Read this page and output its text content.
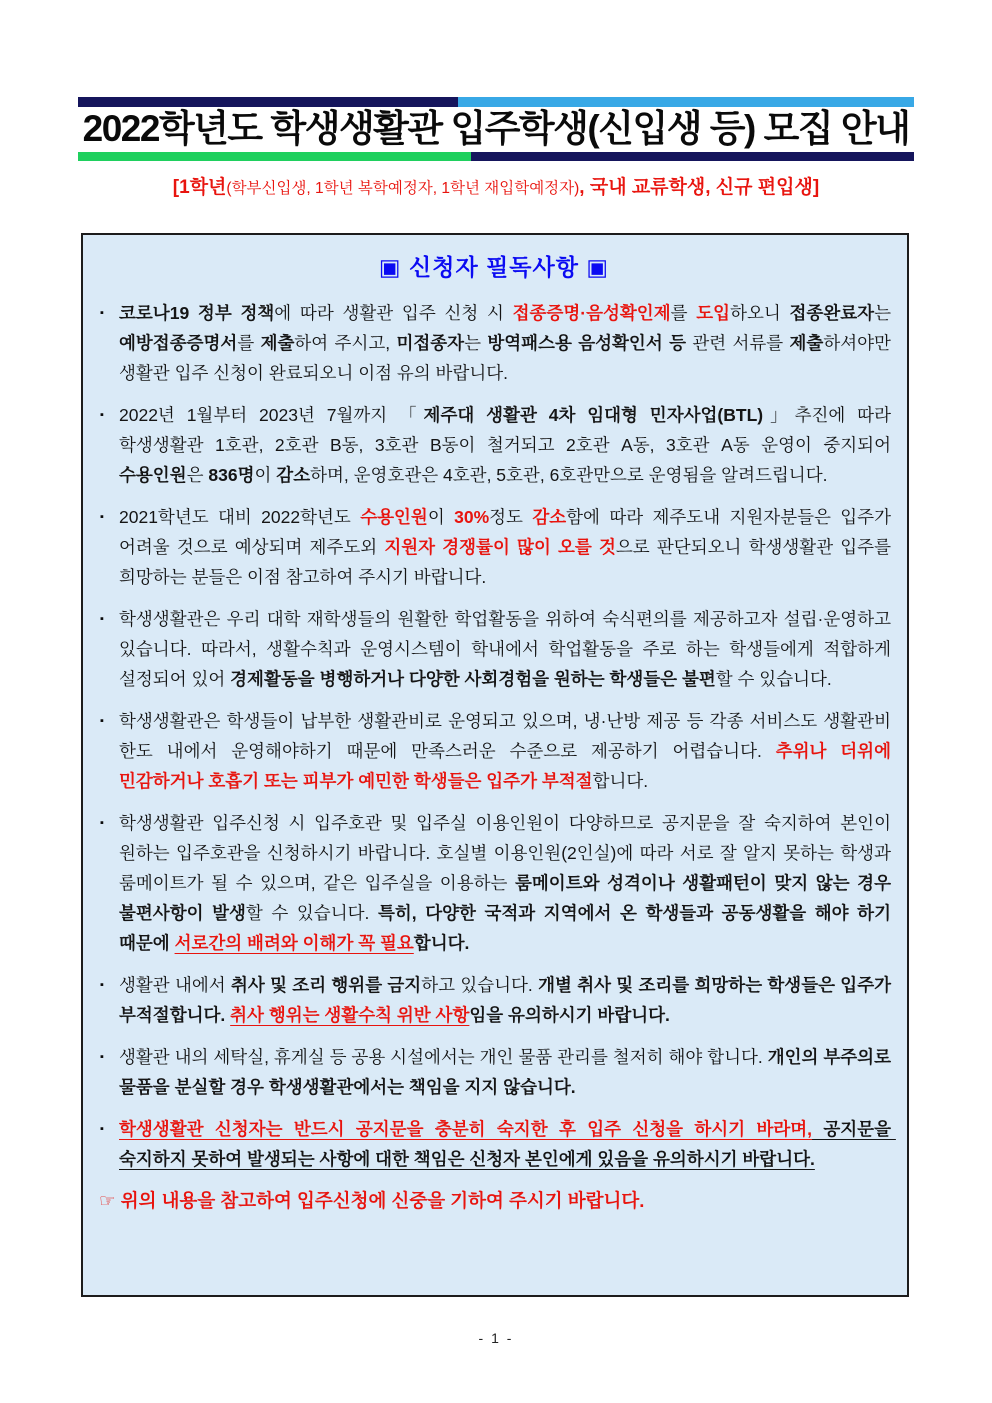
2022학년도 학생생활관 입주학생(신입생 등) 모집 안내
[1학년(학부신입생, 1학년 복학예정자, 1학년 재입학예정자), 국내 교류학생, 신규 편입생]
▣ 신청자 필독사항 ▣
▪ 코로나19 정부 정책에 따라 생활관 입주 신청 시 접종증명·음성확인제를 도입하오니 접종완료자는 예방접종증명서를 제출하여 주시고, 미접종자는 방역패스용 음성확인서 등 관련 서류를 제출하셔야만 생활관 입주 신청이 완료되오니 이점 유의 바랍니다.
▪ 2022년 1월부터 2023년 7월까지 「제주대 생활관 4차 임대형 민자사업(BTL)」추진에 따라 학생생활관 1호관, 2호관 B동, 3호관 B동이 철거되고 2호관 A동, 3호관 A동 운영이 중지되어 수용인원은 836명이 감소하며, 운영호관은 4호관, 5호관, 6호관만으로 운영됨을 알려드립니다.
▪ 2021학년도 대비 2022학년도 수용인원이 30%정도 감소함에 따라 제주도내 지원자분들은 입주가 어려울 것으로 예상되며 제주도외 지원자 경쟁률이 많이 오를 것으로 판단되오니 학생생활관 입주를 희망하는 분들은 이점 참고하여 주시기 바랍니다.
▪ 학생생활관은 우리 대학 재학생들의 원활한 학업활동을 위하여 숙식편의를 제공하고자 설립·운영하고 있습니다. 따라서, 생활수칙과 운영시스템이 학내에서 학업활동을 주로 하는 학생들에게 적합하게 설정되어 있어 경제활동을 병행하거나 다양한 사회경험을 원하는 학생들은 불편할 수 있습니다.
▪ 학생생활관은 학생들이 납부한 생활관비로 운영되고 있으며, 냉·난방 제공 등 각종 서비스도 생활관비 한도 내에서 운영해야하기 때문에 만족스러운 수준으로 제공하기 어렵습니다. 추위나 더위에 민감하거나 호흡기 또는 피부가 예민한 학생들은 입주가 부적절합니다.
▪ 학생생활관 입주신청 시 입주호관 및 입주실 이용인원이 다양하므로 공지문을 잘 숙지하여 본인이 원하는 입주호관을 신청하시기 바랍니다. 호실별 이용인원(2인실)에 따라 서로 잘 알지 못하는 학생과 룸메이트가 될 수 있으며, 같은 입주실을 이용하는 룸메이트와 성격이나 생활패턴이 맞지 않는 경우 불편사항이 발생할 수 있습니다. 특히, 다양한 국적과 지역에서 온 학생들과 공동생활을 해야 하기 때문에 서로간의 배려와 이해가 꼭 필요합니다.
▪ 생활관 내에서 취사 및 조리 행위를 금지하고 있습니다. 개별 취사 및 조리를 희망하는 학생들은 입주가 부적절합니다. 취사 행위는 생활수칙 위반 사항임을 유의하시기 바랍니다.
▪ 생활관 내의 세탁실, 휴게실 등 공용 시설에서는 개인 물품 관리를 철저히 해야 합니다. 개인의 부주의로 물품을 분실할 경우 학생생활관에서는 책임을 지지 않습니다.
▪ 학생생활관 신청자는 반드시 공지문을 충분히 숙지한 후 입주 신청을 하시기 바라며, 공지문을 숙지하지 못하여 발생되는 사항에 대한 책임은 신청자 본인에게 있음을 유의하시기 바랍니다.
☞ 위의 내용을 참고하여 입주신청에 신중을 기하여 주시기 바랍니다.
- 1 -
